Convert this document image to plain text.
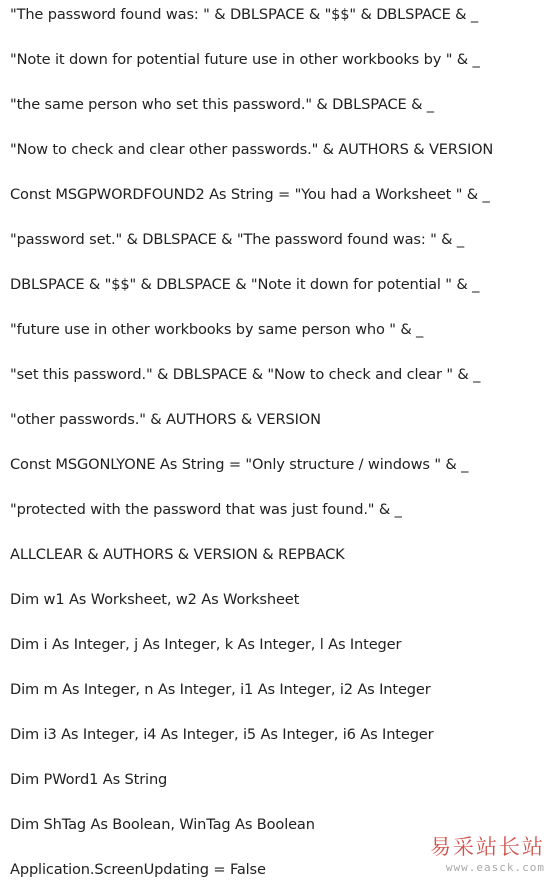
"The password found was: " & DBLSPACE & "$$" & DBLSPACE & _

"Note it down for potential future use in other workbooks by " & _

"the same person who set this password." & DBLSPACE & _

"Now to check and clear other passwords." & AUTHORS & VERSION

Const MSGPWORDFOUND2 As String = "You had a Worksheet " & _

"password set." & DBLSPACE & "The password found was: " & _

DBLSPACE & "$$" & DBLSPACE & "Note it down for potential " & _

"future use in other workbooks by same person who " & _

"set this password." & DBLSPACE & "Now to check and clear " & _

"other passwords." & AUTHORS & VERSION

Const MSGONLYONE As String = "Only structure / windows " & _

"protected with the password that was just found." & _

ALLCLEAR & AUTHORS & VERSION & REPBACK

Dim w1 As Worksheet, w2 As Worksheet

Dim i As Integer, j As Integer, k As Integer, l As Integer

Dim m As Integer, n As Integer, i1 As Integer, i2 As Integer

Dim i3 As Integer, i4 As Integer, i5 As Integer, i6 As Integer

Dim PWord1 As String

Dim ShTag As Boolean, WinTag As Boolean

Application.ScreenUpdating = False

易采站长站
www.easck.com
